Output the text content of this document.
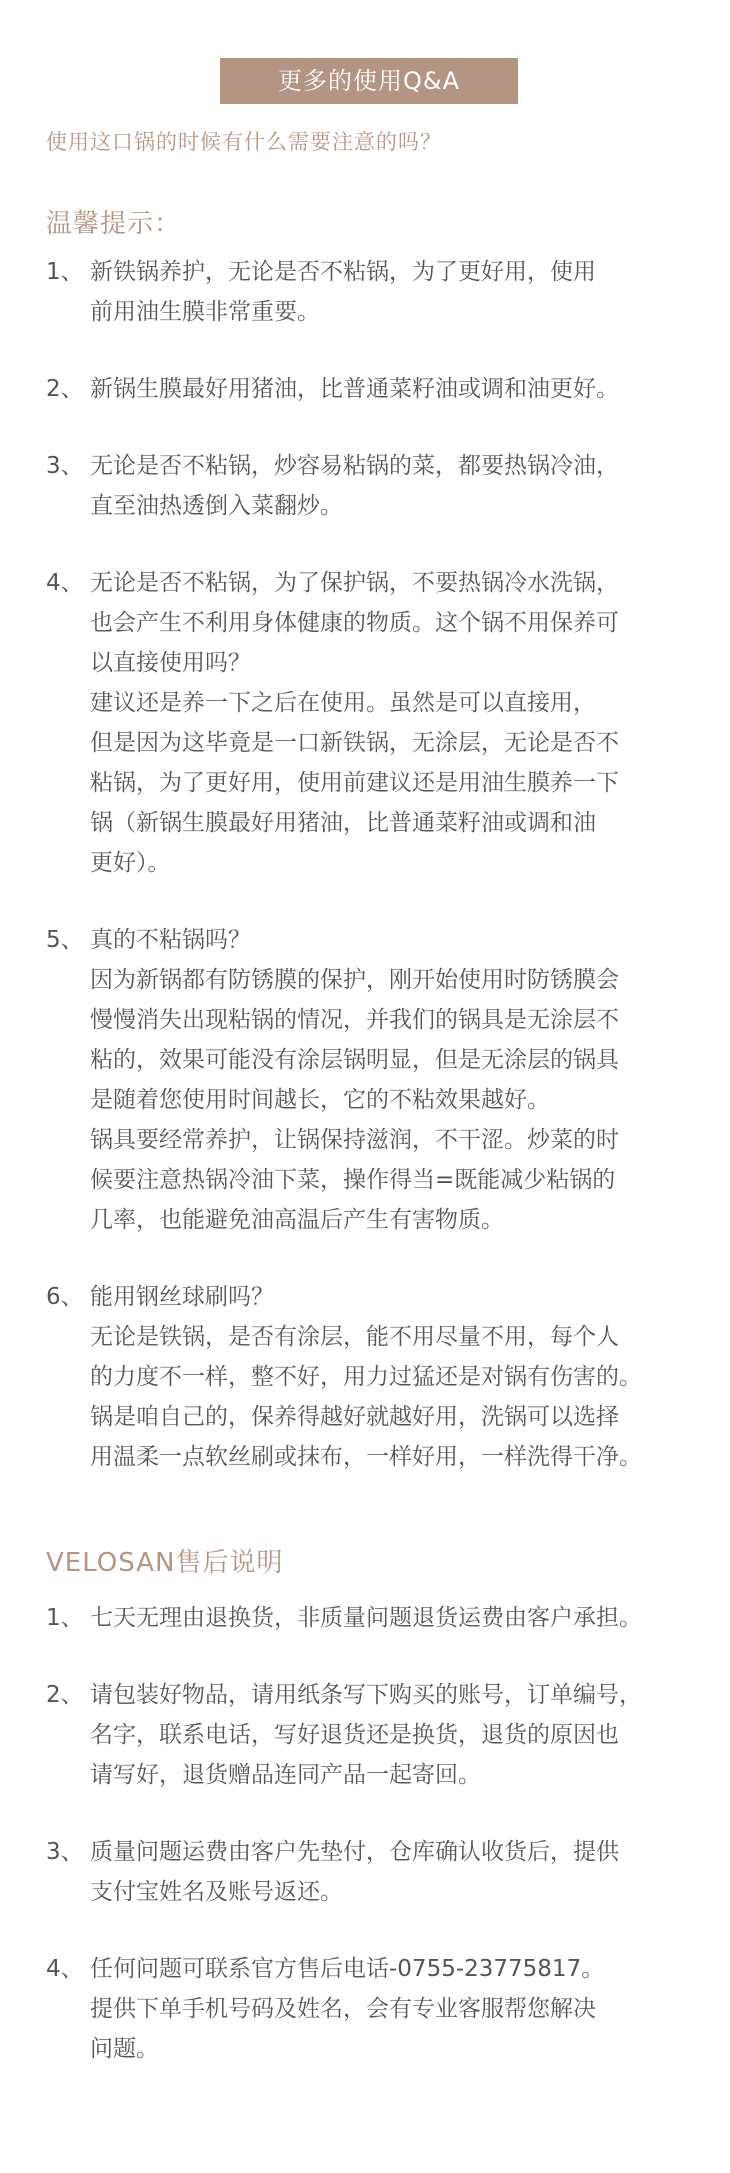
更多的使用Q&A
使用这口锅的时候有什么需要注意的吗？
温馨提示：
1、 新铁锅养护，无论是否不粘锅，为了更好用，使用
前用油生膜非常重要。
2、 新锅生膜最好用猪油，比普通菜籽油或调和油更好。
3、 无论是否不粘锅，炒容易粘锅的菜，都要热锅冷油，
直至油热透倒入菜翻炒。
4、 无论是否不粘锅，为了保护锅，不要热锅冷水洗锅，
也会产生不利用身体健康的物质。这个锅不用保养可
以直接使用吗？
建议还是养一下之后在使用。虽然是可以直接用，
但是因为这毕竟是一口新铁锅，无涂层，无论是否不
粘锅，为了更好用，使用前建议还是用油生膜养一下
锅（新锅生膜最好用猪油，比普通菜籽油或调和油
更好）。
5、 真的不粘锅吗？
因为新锅都有防锈膜的保护，刚开始使用时防锈膜会
慢慢消失出现粘锅的情况，并我们的锅具是无涂层不
粘的，效果可能没有涂层锅明显，但是无涂层的锅具
是随着您使用时间越长，它的不粘效果越好。
锅具要经常养护，让锅保持滋润，不干涩。炒菜的时
候要注意热锅冷油下菜，操作得当=既能减少粘锅的
几率，也能避免油高温后产生有害物质。
6、 能用钢丝球刷吗？
无论是铁锅，是否有涂层，能不用尽量不用，每个人
的力度不一样，整不好，用力过猛还是对锅有伤害的。
锅是咱自己的，保养得越好就越好用，洗锅可以选择
用温柔一点软丝刷或抹布，一样好用，一样洗得干净。
VELOSAN售后说明
1、 七天无理由退换货，非质量问题退货运费由客户承担。
2、 请包装好物品，请用纸条写下购买的账号，订单编号，
名字，联系电话，写好退货还是换货，退货的原因也
请写好，退货赠品连同产品一起寄回。
3、 质量问题运费由客户先垫付，仓库确认收货后，提供
支付宝姓名及账号返还。
4、 任何问题可联系官方售后电话-0755-23775817。
提供下单手机号码及姓名，会有专业客服帮您解决
问题。
